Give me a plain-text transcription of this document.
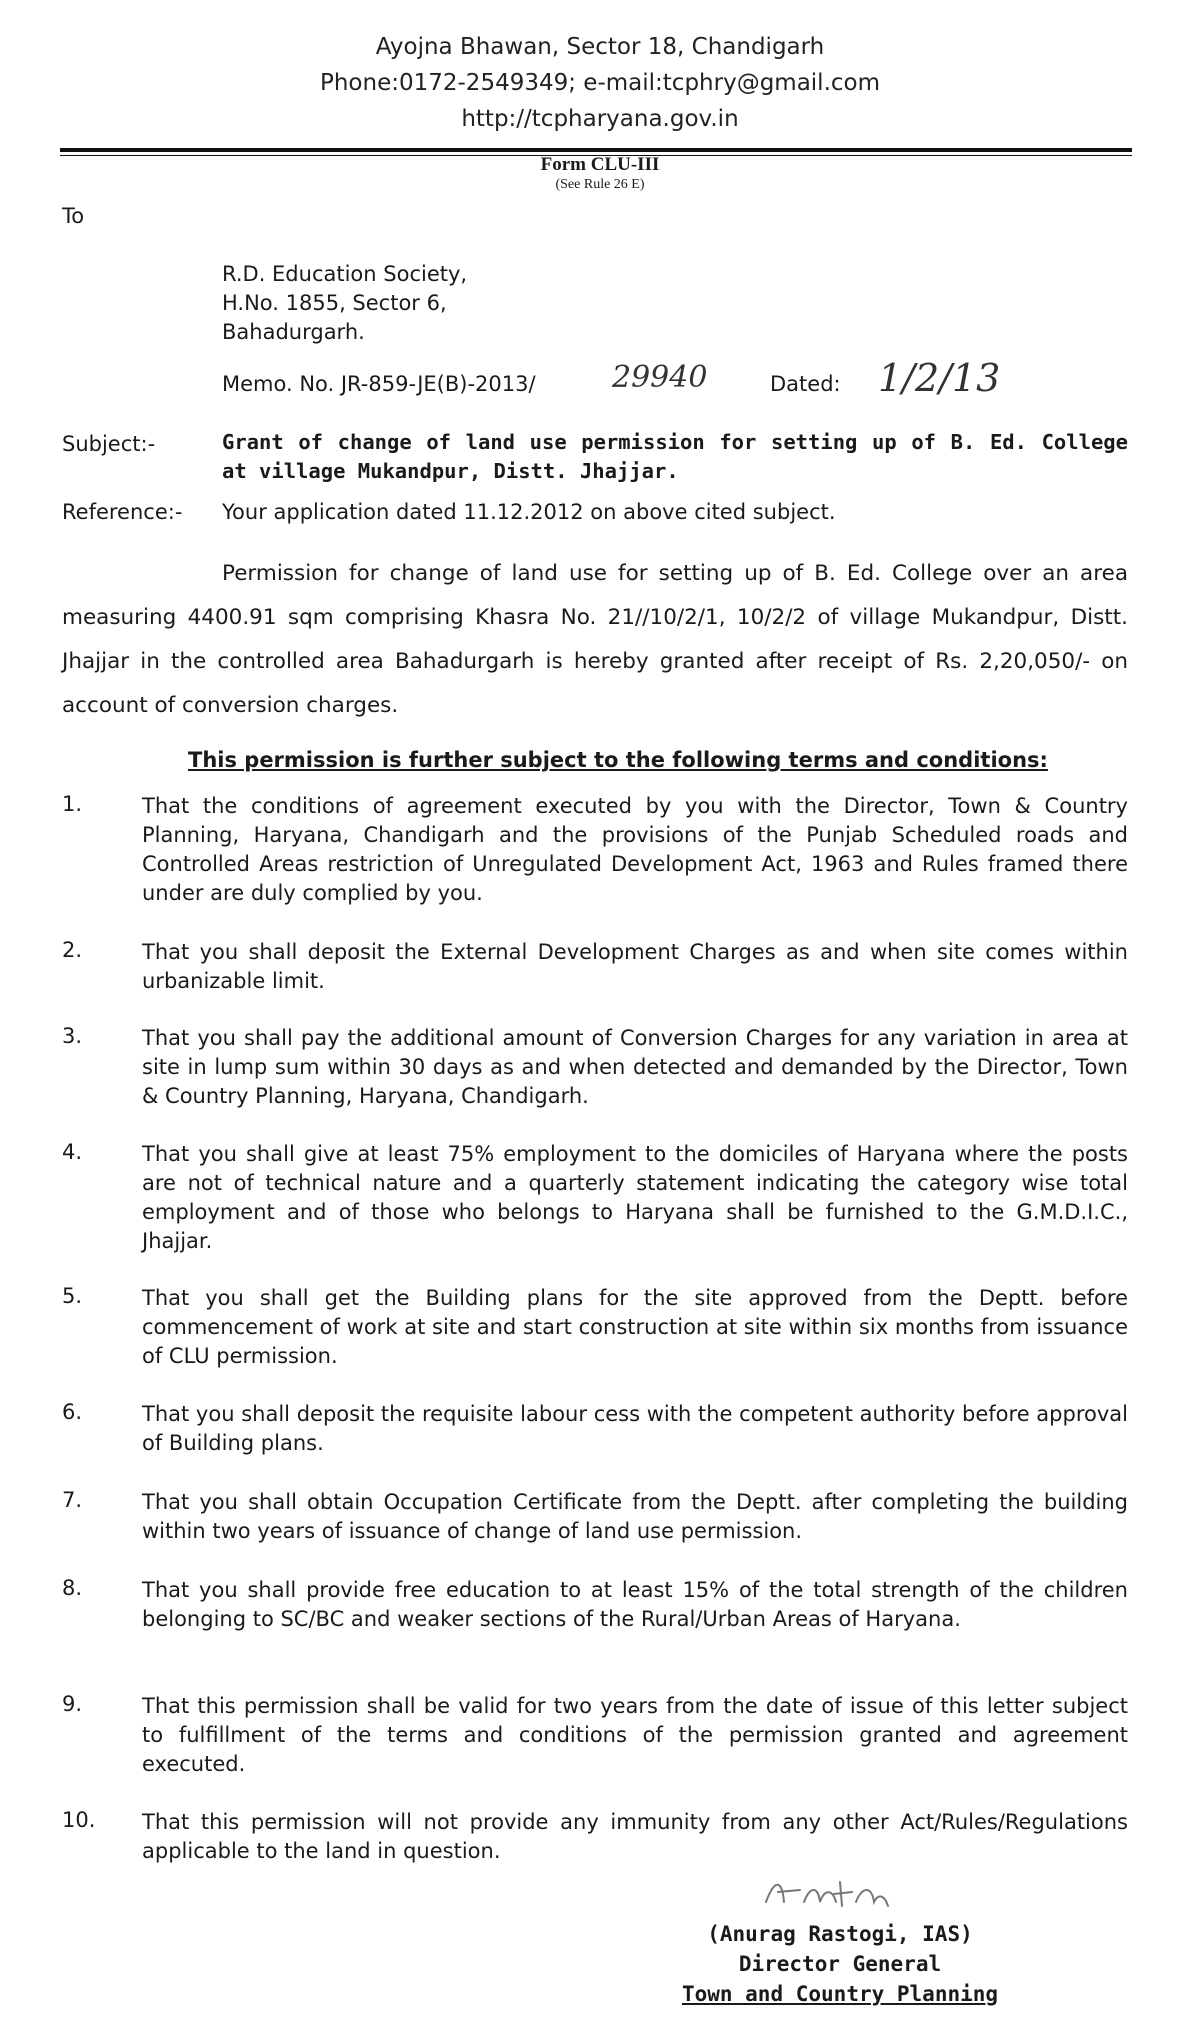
Ayojna Bhawan, Sector 18, Chandigarh
Phone:0172-2549349; e-mail:tcphry@gmail.com
http://tcpharyana.gov.in
Form CLU-III
(See Rule 26 E)
To
R.D. Education Society,
H.No. 1855, Sector 6,
Bahadurgarh.
Memo. No. JR-859-JE(B)-2013/	29940	Dated: 1/2/13
Subject:-	Grant of change of land use permission for setting up of B. Ed. College at village Mukandpur, Distt. Jhajjar.
Reference:- Your application dated 11.12.2012 on above cited subject.
Permission for change of land use for setting up of B. Ed. College over an area measuring 4400.91 sqm comprising Khasra No. 21//10/2/1, 10/2/2 of village Mukandpur, Distt. Jhajjar in the controlled area Bahadurgarh is hereby granted after receipt of Rs. 2,20,050/- on account of conversion charges.
This permission is further subject to the following terms and conditions:
1.	That the conditions of agreement executed by you with the Director, Town & Country Planning, Haryana, Chandigarh and the provisions of the Punjab Scheduled roads and Controlled Areas restriction of Unregulated Development Act, 1963 and Rules framed there under are duly complied by you.
2.	That you shall deposit the External Development Charges as and when site comes within urbanizable limit.
3.	That you shall pay the additional amount of Conversion Charges for any variation in area at site in lump sum within 30 days as and when detected and demanded by the Director, Town & Country Planning, Haryana, Chandigarh.
4.	That you shall give at least 75% employment to the domiciles of Haryana where the posts are not of technical nature and a quarterly statement indicating the category wise total employment and of those who belongs to Haryana shall be furnished to the G.M.D.I.C., Jhajjar.
5.	That you shall get the Building plans for the site approved from the Deptt. before commencement of work at site and start construction at site within six months from issuance of CLU permission.
6.	That you shall deposit the requisite labour cess with the competent authority before approval of Building plans.
7.	That you shall obtain Occupation Certificate from the Deptt. after completing the building within two years of issuance of change of land use permission.
8.	That you shall provide free education to at least 15% of the total strength of the children belonging to SC/BC and weaker sections of the Rural/Urban Areas of Haryana.
9.	That this permission shall be valid for two years from the date of issue of this letter subject to fulfillment of the terms and conditions of the permission granted and agreement executed.
10. That this permission will not provide any immunity from any other Act/Rules/Regulations applicable to the land in question.
(Anurag Rastogi, IAS)
Director General
Town and Country Planning
